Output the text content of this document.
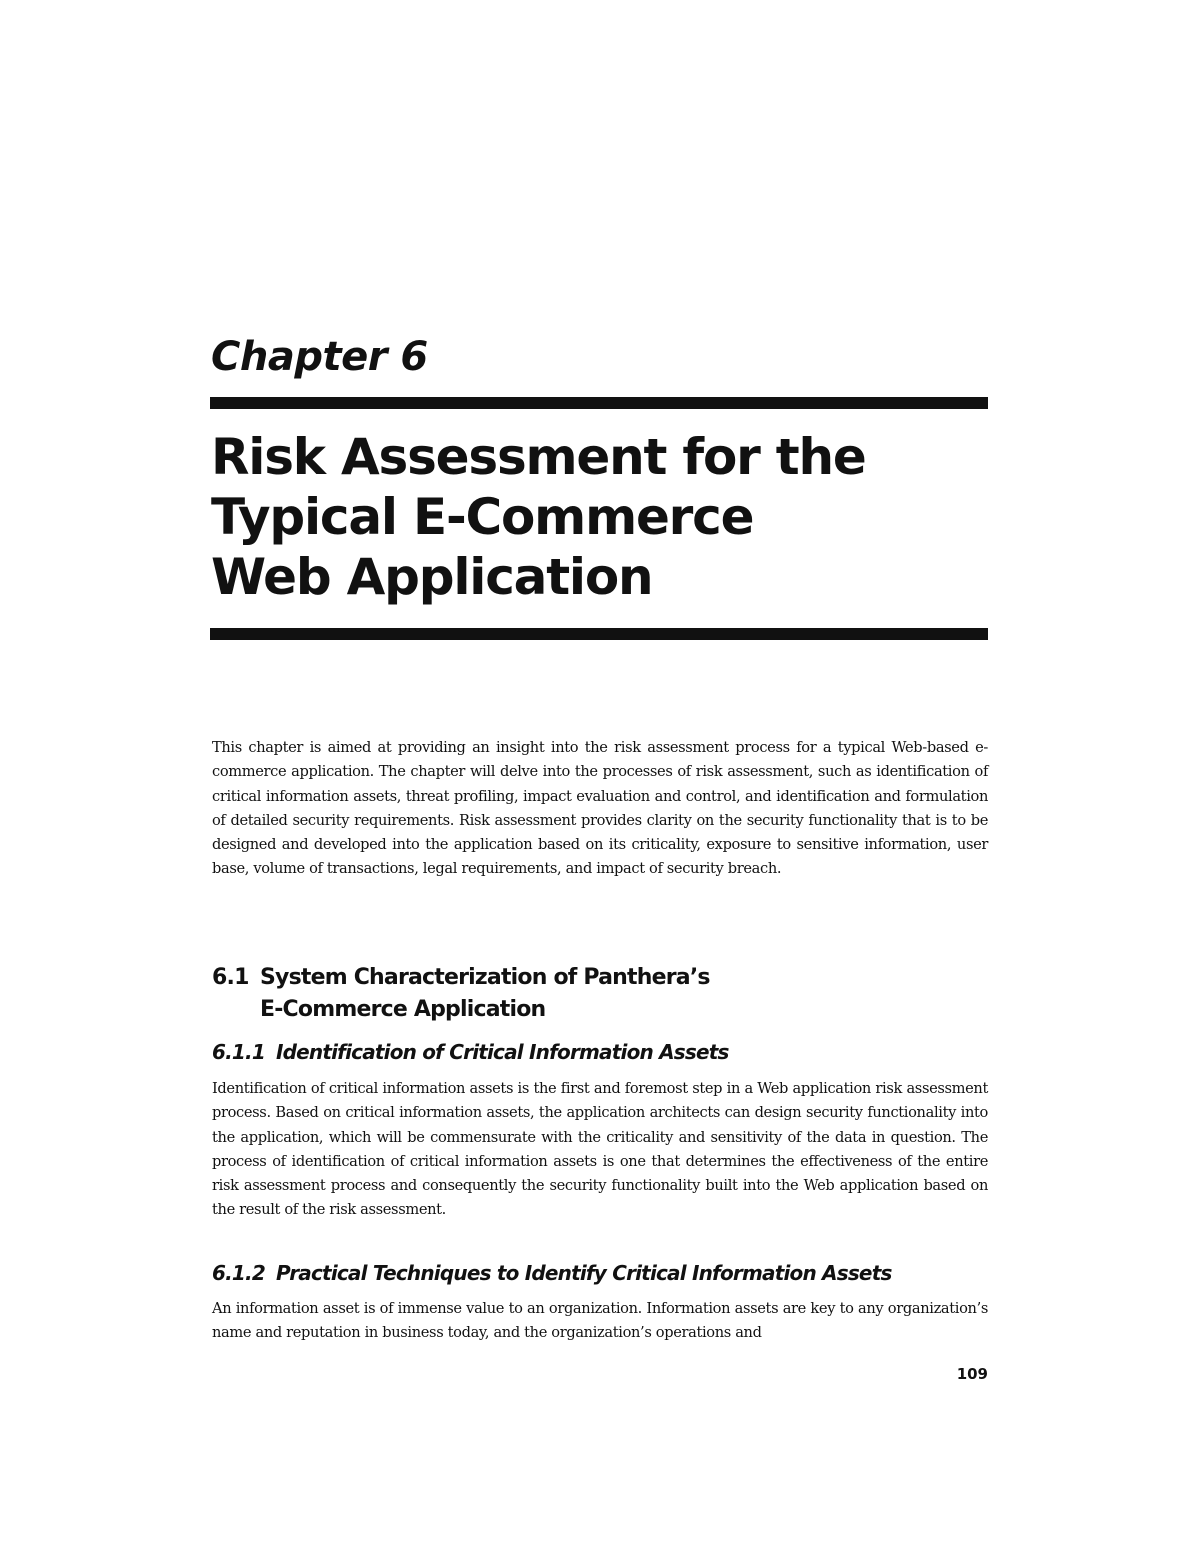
Chapter 6
Risk Assessment for the
Typical E-Commerce
Web Application

This chapter is aimed at providing an insight into the risk assessment process for a typical Web-based e-commerce application. The chapter will delve into the processes of risk assessment, such as identification of critical information assets, threat profiling, impact evaluation and control, and identification and formulation of detailed security requirements. Risk assessment provides clarity on the security functionality that is to be designed and developed into the application based on its criticality, exposure to sensitive information, user base, volume of transactions, legal requirements, and impact of security breach.

6.1 System Characterization of Panthera’s
E-Commerce Application
6.1.1 Identification of Critical Information Assets

Identification of critical information assets is the first and foremost step in a Web application risk assessment process. Based on critical information assets, the application architects can design security functionality into the application, which will be commensurate with the criticality and sensitivity of the data in question. The process of identification of critical information assets is one that determines the effectiveness of the entire risk assessment process and consequently the security functionality built into the Web application based on the result of the risk assessment.

6.1.2 Practical Techniques to Identify Critical Information Assets

An information asset is of immense value to an organization. Information assets are key to any organization’s name and reputation in business today, and the organization’s operations and

109
